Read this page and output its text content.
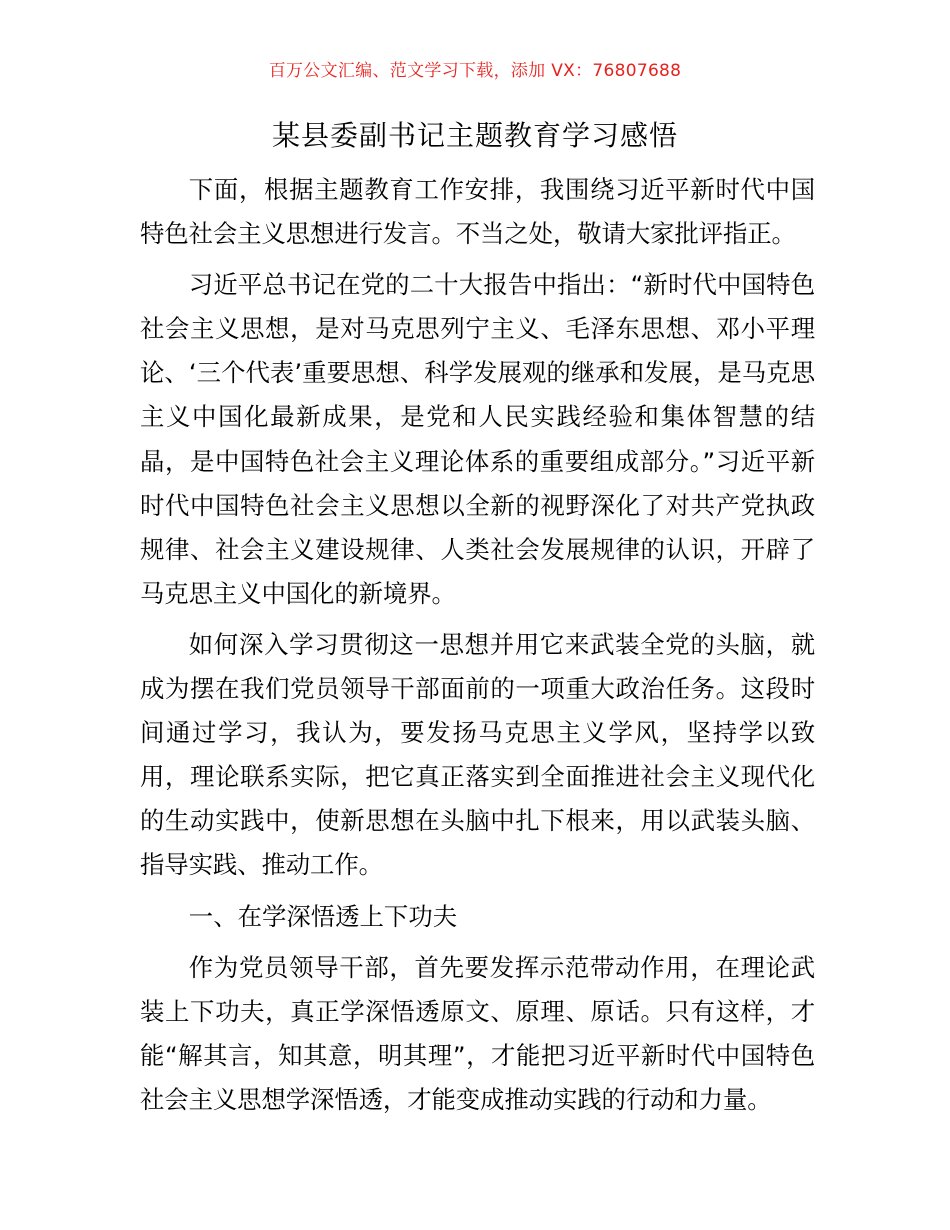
百万公文汇编、范文学习下载，添加 VX：76807688
某县委副书记主题教育学习感悟

下面，根据主题教育工作安排，我围绕习近平新时代中国特色社会主义思想进行发言。不当之处，敬请大家批评指正。

习近平总书记在党的二十大报告中指出：“新时代中国特色社会主义思想，是对马克思列宁主义、毛泽东思想、邓小平理论、‘三个代表’重要思想、科学发展观的继承和发展，是马克思主义中国化最新成果，是党和人民实践经验和集体智慧的结晶，是中国特色社会主义理论体系的重要组成部分。”习近平新时代中国特色社会主义思想以全新的视野深化了对共产党执政规律、社会主义建设规律、人类社会发展规律的认识，开辟了马克思主义中国化的新境界。

如何深入学习贯彻这一思想并用它来武装全党的头脑，就成为摆在我们党员领导干部面前的一项重大政治任务。这段时间通过学习，我认为，要发扬马克思主义学风，坚持学以致用，理论联系实际，把它真正落实到全面推进社会主义现代化的生动实践中，使新思想在头脑中扎下根来，用以武装头脑、指导实践、推动工作。

一、在学深悟透上下功夫

作为党员领导干部，首先要发挥示范带动作用，在理论武装上下功夫，真正学深悟透原文、原理、原话。只有这样，才能“解其言，知其意，明其理”，才能把习近平新时代中国特色社会主义思想学深悟透，才能变成推动实践的行动和力量。
